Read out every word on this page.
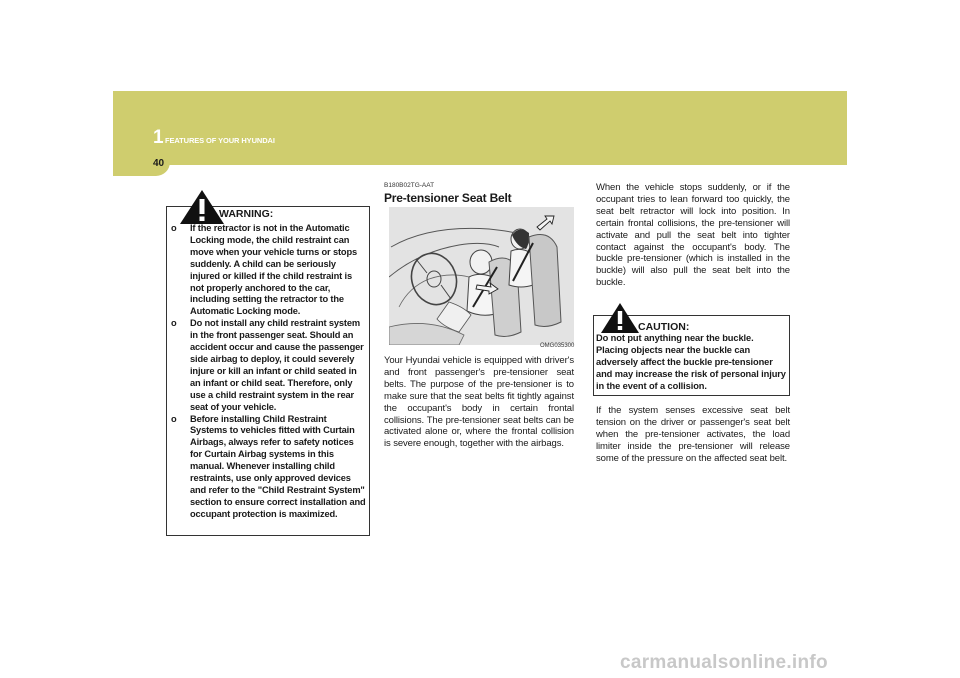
1 FEATURES OF YOUR HYUNDAI
40
WARNING:
o If the retractor is not in the Automatic Locking mode, the child restraint can move when your vehicle turns or stops suddenly. A child can be seriously injured or killed if the child restraint is not properly anchored to the car, including setting the retractor to the Automatic Locking mode.
o Do not install any child restraint system in the front passenger seat. Should an accident occur and cause the passenger side airbag to deploy, it could severely injure or kill an infant or child seated in an infant or child seat. Therefore, only use a child restraint system in the rear seat of your vehicle.
o Before installing Child Restraint Systems to vehicles fitted with Curtain Airbags, always refer to safety notices for Curtain Airbag systems in this manual. Whenever installing child restraints, use only approved devices and refer to the "Child Restraint System" section to ensure correct installation and occupant protection is maximized.
B180B02TG-AAT
Pre-tensioner Seat Belt
OMG035300

Your Hyundai vehicle is equipped with driver's and front passenger's pre-tensioner seat belts. The purpose of the pre-tensioner is to make sure that the seat belts fit tightly against the occupant's body in certain frontal collisions. The pre-tensioner seat belts can be activated alone or, where the frontal collision is severe enough, together with the airbags.

When the vehicle stops suddenly, or if the occupant tries to lean forward too quickly, the seat belt retractor will lock into position. In certain frontal collisions, the pre-tensioner will activate and pull the seat belt into tighter contact against the occupant's body. The buckle pre-tensioner (which is installed in the buckle) will also pull the seat belt into the buckle.

CAUTION:

Do not put anything near the buckle. Placing objects near the buckle can adversely affect the buckle pre-tensioner and may increase the risk of personal injury in the event of a collision.

If the system senses excessive seat belt tension on the driver or passenger's seat belt when the pre-tensioner activates, the load limiter inside the pre-tensioner will release some of the pressure on the affected seat belt.

carmanualsonline.info
